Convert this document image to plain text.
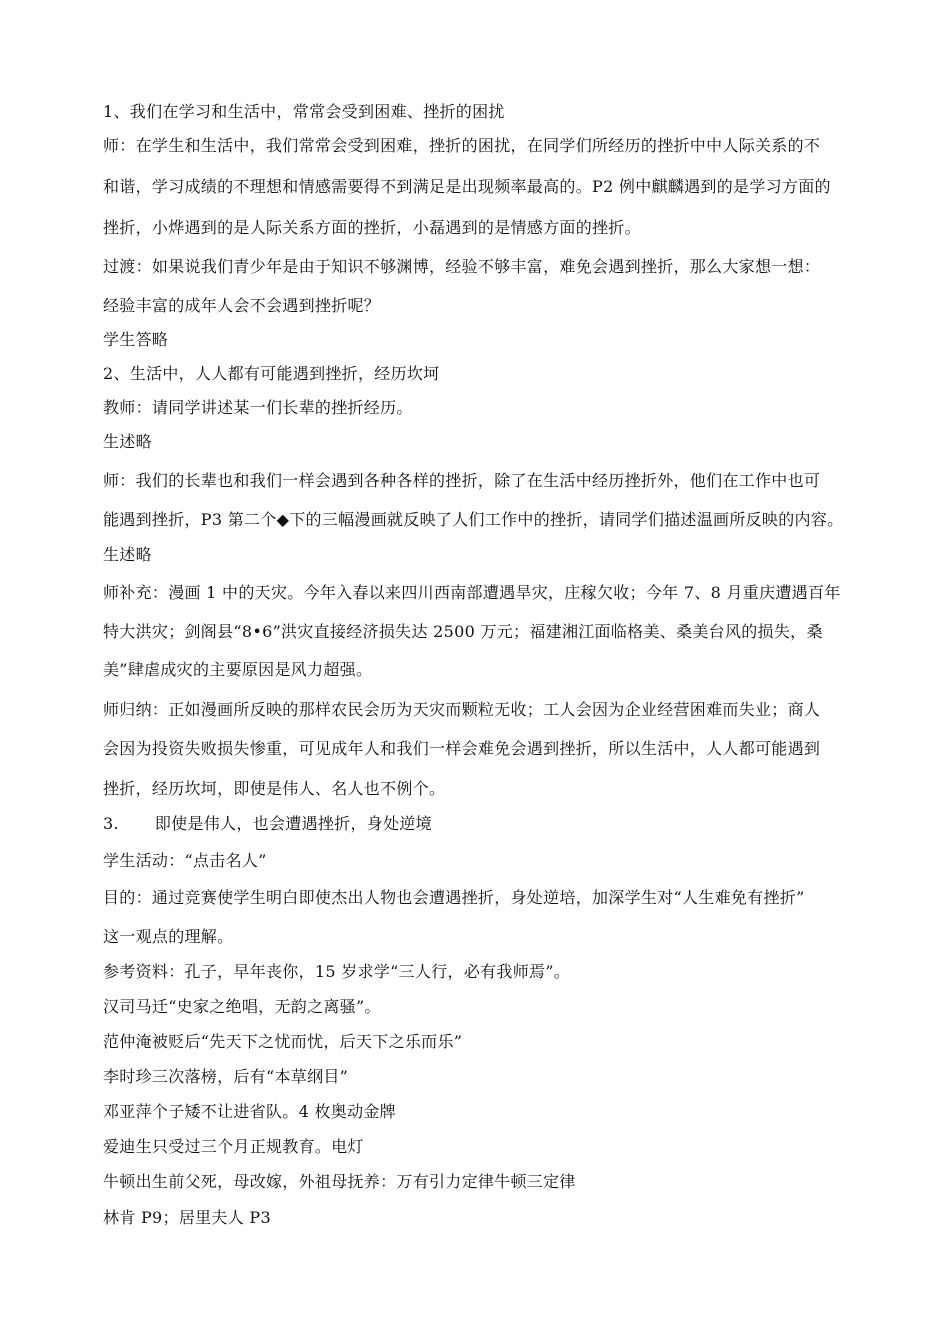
1、我们在学习和生活中，常常会受到困难、挫折的困扰
师：在学生和生活中，我们常常会受到困难，挫折的困扰，在同学们所经历的挫折中中人际关系的不
和谐，学习成绩的不理想和情感需要得不到满足是出现频率最高的。P2 例中麒麟遇到的是学习方面的
挫折，小烨遇到的是人际关系方面的挫折，小磊遇到的是情感方面的挫折。
过渡：如果说我们青少年是由于知识不够渊博，经验不够丰富，难免会遇到挫折，那么大家想一想：
经验丰富的成年人会不会遇到挫折呢？
学生答略
2、生活中，人人都有可能遇到挫折，经历坎坷
教师：请同学讲述某一们长辈的挫折经历。
生述略
师：我们的长辈也和我们一样会遇到各种各样的挫折，除了在生活中经历挫折外，他们在工作中也可
能遇到挫折，P3 第二个◆下的三幅漫画就反映了人们工作中的挫折，请同学们描述温画所反映的内容。
生述略
师补充：漫画 1 中的天灾。今年入春以来四川西南部遭遇旱灾，庄稼欠收；今年 7、8 月重庆遭遇百年
特大洪灾；剑阁县“8•6”洪灾直接经济损失达 2500 万元；福建湘江面临格美、桑美台风的损失，桑
美”肆虐成灾的主要原因是风力超强。
师归纳：正如漫画所反映的那样农民会历为天灾而颗粒无收；工人会因为企业经营困难而失业；商人
会因为投资失败损失惨重，可见成年人和我们一样会难免会遇到挫折，所以生活中，人人都可能遇到
挫折，经历坎坷，即使是伟人、名人也不例个。
3. 即使是伟人，也会遭遇挫折，身处逆境
学生活动：“点击名人”
目的：通过竞赛使学生明白即使杰出人物也会遭遇挫折，身处逆培，加深学生对“人生难免有挫折”
这一观点的理解。
参考资料：孔子，早年丧你，15 岁求学“三人行，必有我师焉”。
汉司马迁“史家之绝唱，无韵之离骚”。
范仲淹被贬后“先天下之忧而忧，后天下之乐而乐”
李时珍三次落榜，后有“本草纲目”
邓亚萍个子矮不让进省队。4 枚奥动金牌
爱迪生只受过三个月正规教育。电灯
牛顿出生前父死，母改嫁，外祖母抚养：万有引力定律牛顿三定律
林肯 P9；居里夫人 P3
